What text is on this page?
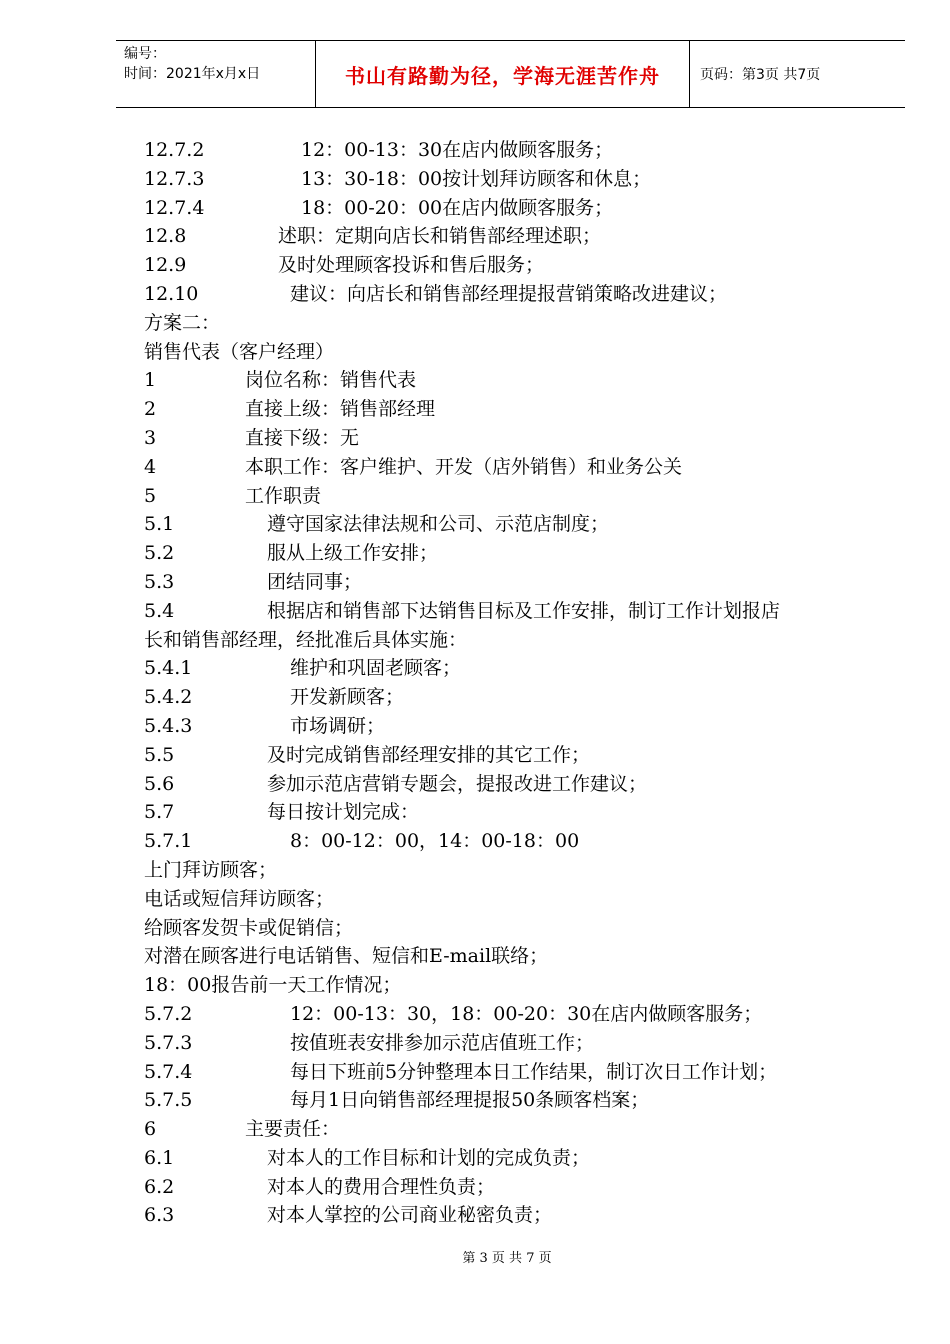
编号：
时间：2021年x月x日	书山有路勤为径，学海无涯苦作舟	页码：第3页 共7页
12.7.2	12：00-13：30在店内做顾客服务；
12.7.3	13：30-18：00按计划拜访顾客和休息；
12.7.4	18：00-20：00在店内做顾客服务；
12.8	述职：定期向店长和销售部经理述职；
12.9	及时处理顾客投诉和售后服务；
12.10	建议：向店长和销售部经理提报营销策略改进建议；
方案二：
销售代表（客户经理）
1	岗位名称：销售代表
2	直接上级：销售部经理
3	直接下级：无
4	本职工作：客户维护、开发（店外销售）和业务公关
5	工作职责
5.1	遵守国家法律法规和公司、示范店制度；
5.2	服从上级工作安排；
5.3	团结同事；
5.4	根据店和销售部下达销售目标及工作安排，制订工作计划报店
长和销售部经理，经批准后具体实施：
5.4.1	维护和巩固老顾客；
5.4.2	开发新顾客；
5.4.3	市场调研；
5.5	及时完成销售部经理安排的其它工作；
5.6	参加示范店营销专题会，提报改进工作建议；
5.7	每日按计划完成：
5.7.1	8：00-12：00，14：00-18：00
上门拜访顾客；
电话或短信拜访顾客；
给顾客发贺卡或促销信；
对潜在顾客进行电话销售、短信和E-mail联络；
18：00报告前一天工作情况；
5.7.2	12：00-13：30，18：00-20：30在店内做顾客服务；
5.7.3	按值班表安排参加示范店值班工作；
5.7.4	每日下班前5分钟整理本日工作结果，制订次日工作计划；
5.7.5	每月1日向销售部经理提报50条顾客档案；
6	主要责任：
6.1	对本人的工作目标和计划的完成负责；
6.2	对本人的费用合理性负责；
6.3	对本人掌控的公司商业秘密负责；
第 3 页 共 7 页
